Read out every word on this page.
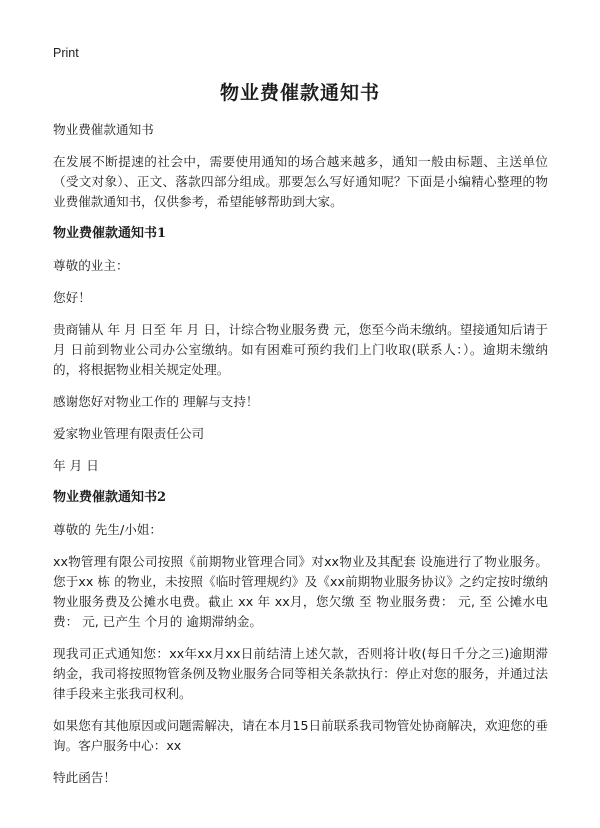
Print
物业费催款通知书

物业费催款通知书

在发展不断提速的社会中，需要使用通知的场合越来越多，通知一般由标题、主送单位（受文对象）、正文、落款四部分组成。那要怎么写好通知呢？下面是小编精心整理的物业费催款通知书，仅供参考，希望能够帮助到大家。

物业费催款通知书1

尊敬的业主：

您好！

贵商铺从 年 月 日至 年 月 日，计综合物业服务费 元，您至今尚未缴纳。望接通知后请于 月 日前到物业公司办公室缴纳。如有困难可预约我们上门收取(联系人：）。逾期未缴纳的，将根据物业相关规定处理。

感谢您好对物业工作的 理解与支持！

爱家物业管理有限责任公司

年 月 日

物业费催款通知书2

尊敬的 先生/小姐：

xx物管理有限公司按照《前期物业管理合同》对xx物业及其配套 设施进行了物业服务。您于xx 栋 的物业，未按照《临时管理规约》及《xx前期物业服务协议》之约定按时缴纳物业服务费及公摊水电费。截止 xx 年 xx月，您欠缴 至 物业服务费： 元, 至 公摊水电费： 元, 已产生 个月的 逾期滞纳金。

现我司正式通知您：xx年xx月xx日前结清上述欠款，否则将计收(每日千分之三)逾期滞纳金，我司将按照物管条例及物业服务合同等相关条款执行：停止对您的服务，并通过法律手段来主张我司权利。

如果您有其他原因或问题需解决，请在本月15日前联系我司物管处协商解决，欢迎您的垂询。客户服务中心：xx

特此函告！
